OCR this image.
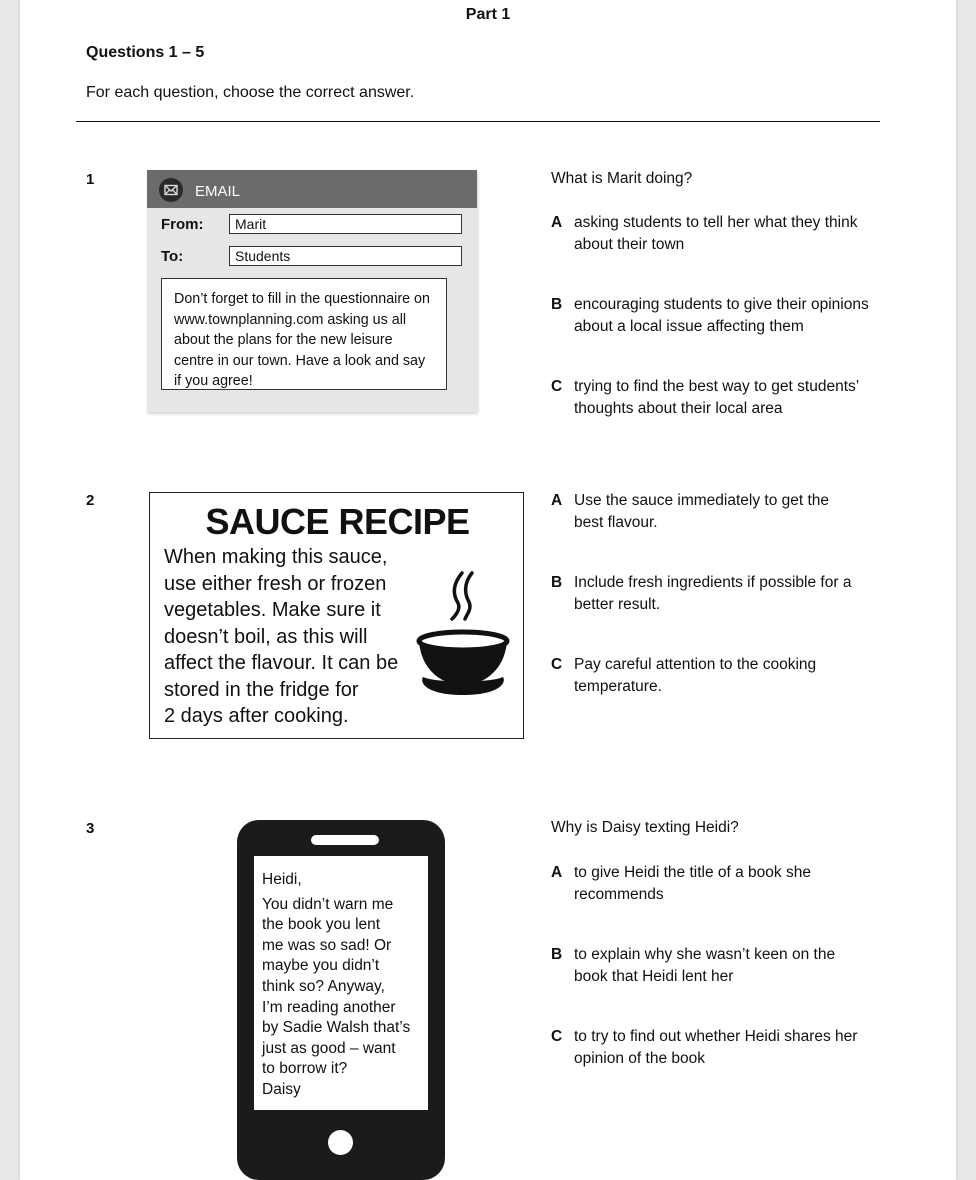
Part 1
Questions 1 – 5
For each question, choose the correct answer.
1
EMAIL
From:	Marit
To:	Students
Don’t forget to fill in the questionnaire on www.townplanning.com asking us all about the plans for the new leisure centre in our town. Have a look and say if you agree!
What is Marit doing?
A asking students to tell her what they think
about their town
B encouraging students to give their opinions
about a local issue affecting them
C trying to find the best way to get students’
thoughts about their local area
2
SAUCE RECIPE
When making this sauce,
use either fresh or frozen
vegetables. Make sure it
doesn’t boil, as this will
affect the flavour. It can be
stored in the fridge for
2 days after cooking.
A Use the sauce immediately to get the
best flavour.
B Include fresh ingredients if possible for a
better result.
C Pay careful attention to the cooking
temperature.
3
Heidi,
You didn’t warn me
the book you lent
me was so sad! Or
maybe you didn’t
think so? Anyway,
I’m reading another
by Sadie Walsh that’s
just as good – want
to borrow it?
Daisy
Why is Daisy texting Heidi?
A to give Heidi the title of a book she
recommends
B to explain why she wasn’t keen on the
book that Heidi lent her
C to try to find out whether Heidi shares her
opinion of the book
